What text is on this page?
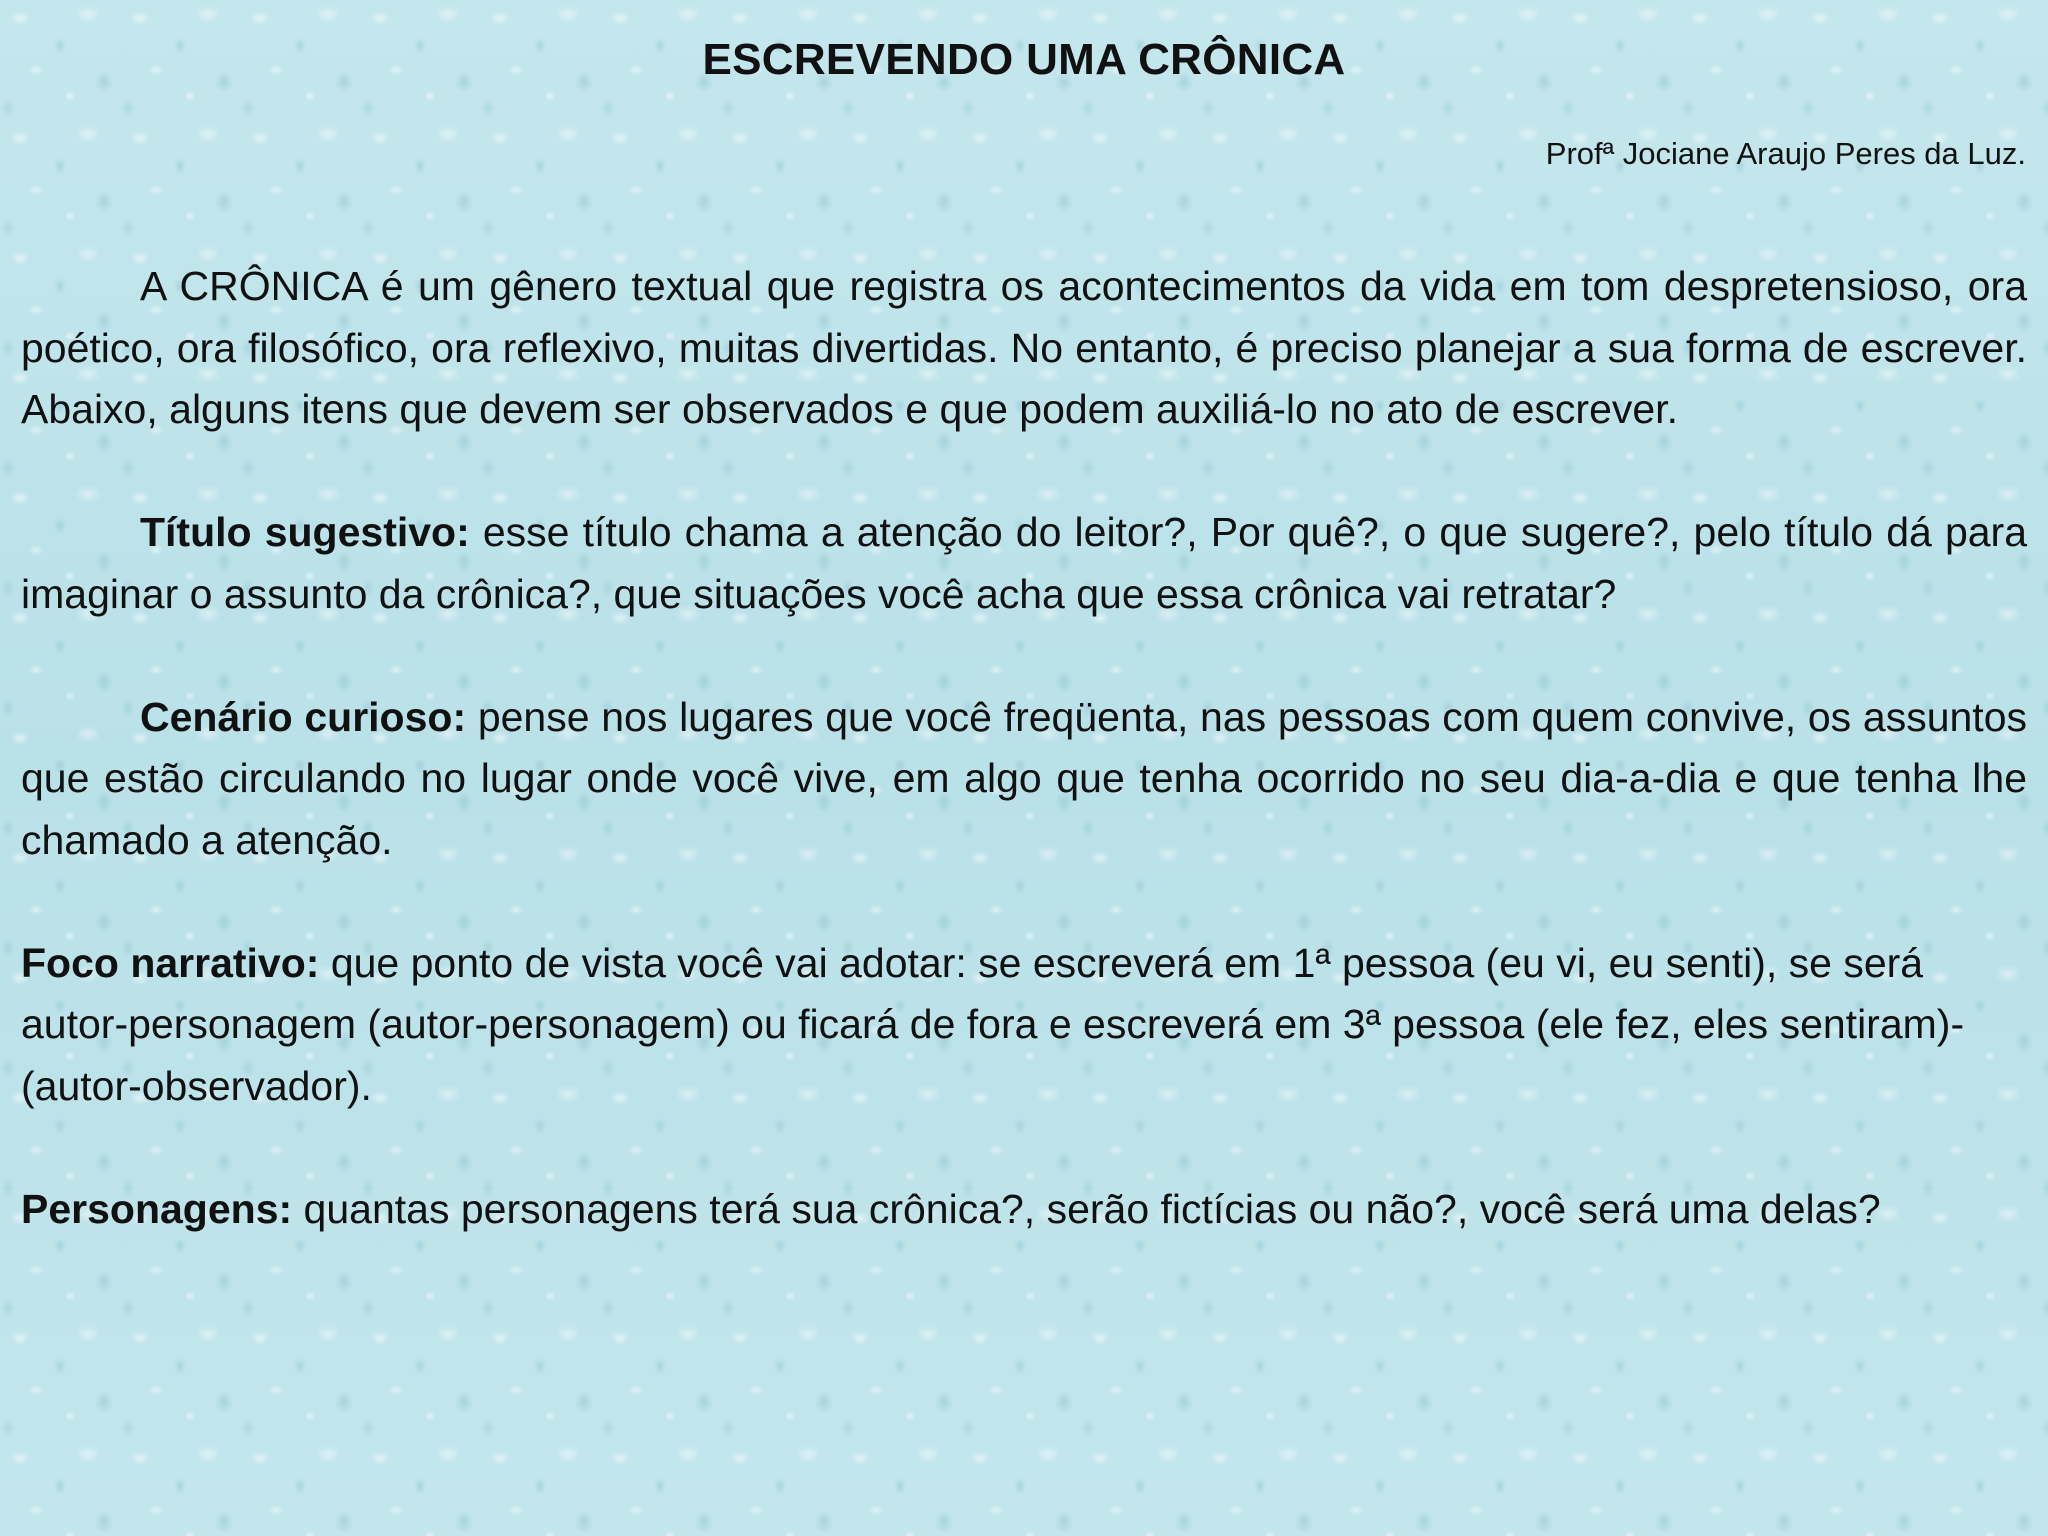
ESCREVENDO UMA CRÔNICA
Profª Jociane Araujo Peres da Luz.

A CRÔNICA é um gênero textual que registra os acontecimentos da vida em tom despretensioso, ora poético, ora filosófico, ora reflexivo, muitas divertidas. No entanto, é preciso planejar a sua forma de escrever. Abaixo, alguns itens que devem ser observados e que podem auxiliá-lo no ato de escrever.

Título sugestivo: esse título chama a atenção do leitor?, Por quê?, o que sugere?, pelo título dá para imaginar o assunto da crônica?, que situações você acha que essa crônica vai retratar?

Cenário curioso: pense nos lugares que você freqüenta, nas pessoas com quem convive, os assuntos que estão circulando no lugar onde você vive, em algo que tenha ocorrido no seu dia-a-dia e que tenha lhe chamado a atenção.

Foco narrativo: que ponto de vista você vai adotar: se escreverá em 1ª pessoa (eu vi, eu senti), se será autor-personagem (autor-personagem) ou ficará de fora e escreverá em 3ª pessoa (ele fez, eles sentiram)- (autor-observador).

Personagens: quantas personagens terá sua crônica?, serão fictícias ou não?, você será uma delas?
